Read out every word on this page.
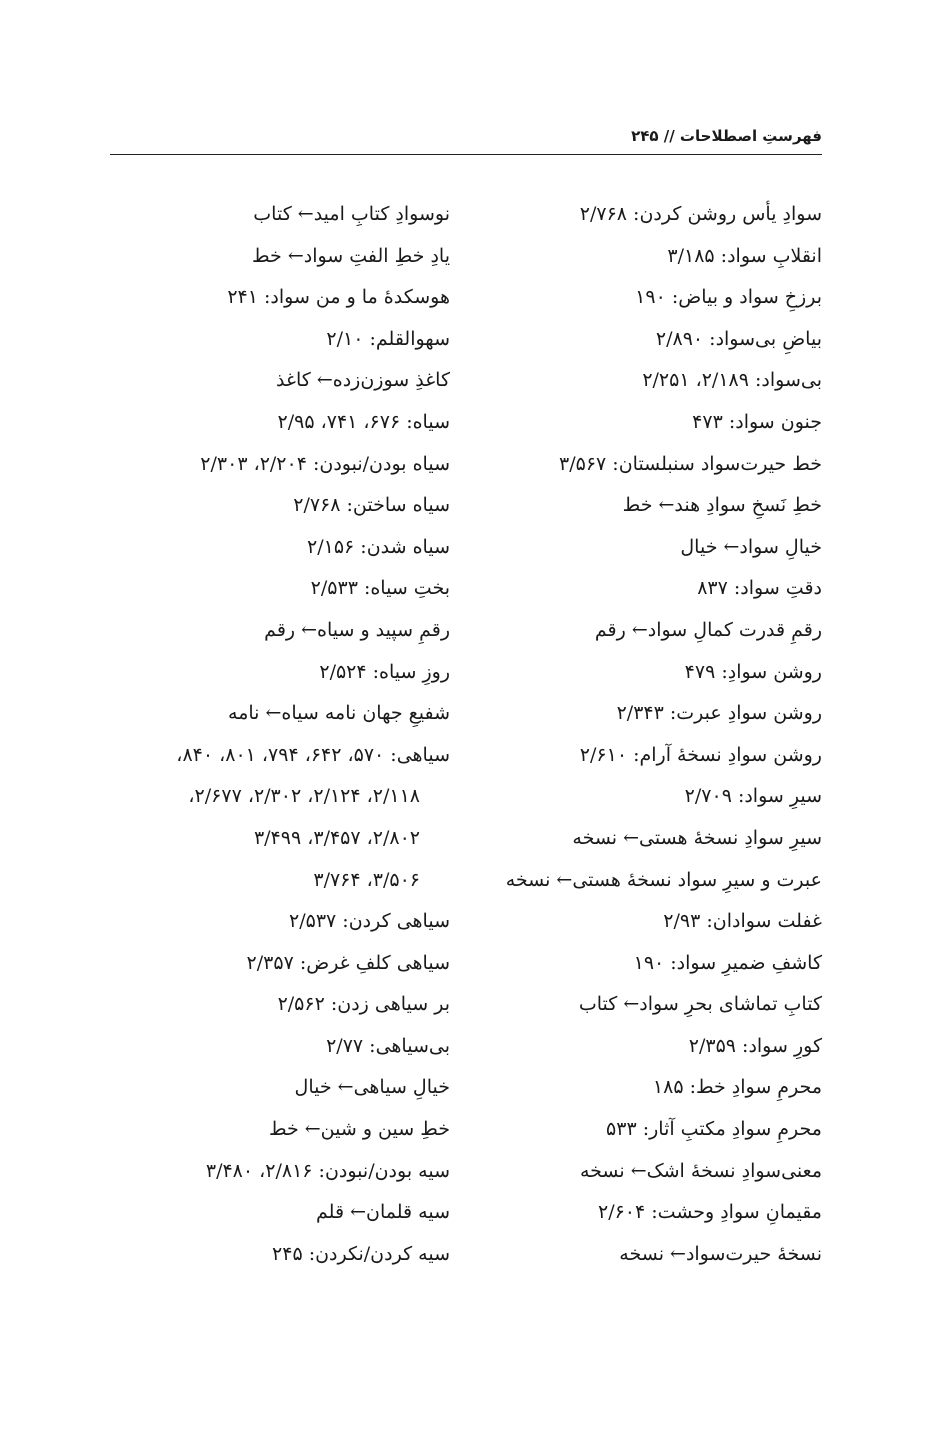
فهرستِ اصطلاحات // ۲۴۵
سوادِ یأس روشن کردن: ۲/۷۶۸
انقلابِ سواد: ۳/۱۸۵
برزخِ سواد و بیاض: ۱۹۰
بیاضِ بی‌سواد: ۲/۸۹۰
بی‌سواد: ۲/۱۸۹، ۲/۲۵۱
جنون سواد: ۴۷۳
خط حیرت‌سواد سنبلستان: ۳/۵۶۷
خطِ نَسخِ سوادِ هند← خط
خیالِ سواد← خیال
دقتِ سواد: ۸۳۷
رقمِ قدرت کمالِ سواد← رقم
روشن سوادِ: ۴۷۹
روشن سوادِ عبرت: ۲/۳۴۳
روشن سوادِ نسخهٔ آرام: ۲/۶۱۰
سیرِ سواد: ۲/۷۰۹
سیرِ سوادِ نسخهٔ هستی← نسخه
عبرت و سیرِ سواد نسخهٔ هستی← نسخه
غفلت سوادان: ۲/۹۳
کاشفِ ضمیرِ سواد: ۱۹۰
کتابِ تماشای بحرِ سواد← کتاب
کورِ سواد: ۲/۳۵۹
محرمِ سوادِ خط: ۱۸۵
محرمِ سوادِ مکتبِ آثار: ۵۳۳
معنی‌سوادِ نسخهٔ اشک← نسخه
مقیمانِ سوادِ وحشت: ۲/۶۰۴
نسخهٔ حیرت‌سواد← نسخه
نوسوادِ کتابِ امید← کتاب
یادِ خطِ الفتِ سواد← خط
هوسکدهٔ ما و من سواد: ۲۴۱
سهوالقلم: ۲/۱۰
کاغذِ سوزن‌زده← کاغذ
سیاه: ۶۷۶، ۷۴۱، ۲/۹۵
سیاه بودن/نبودن: ۲/۲۰۴، ۲/۳۰۳
سیاه ساختن: ۲/۷۶۸
سیاه شدن: ۲/۱۵۶
بختِ سیاه: ۲/۵۳۳
رقمِ سپید و سیاه← رقم
روزِ سیاه: ۲/۵۲۴
شفیعِ جهان نامه سیاه← نامه
سیاهی: ۵۷۰، ۶۴۲، ۷۹۴، ۸۰۱، ۸۴۰،
۲/۱۱۸، ۲/۱۲۴، ۲/۳۰۲، ۲/۶۷۷،
۲/۸۰۲، ۳/۴۵۷، ۳/۴۹۹
۳/۵۰۶، ۳/۷۶۴
سیاهی کردن: ۲/۵۳۷
سیاهی کلفِ غرض: ۲/۳۵۷
بر سیاهی زدن: ۲/۵۶۲
بی‌سیاهی: ۲/۷۷
خیالِ سیاهی← خیال
خطِ سین و شین← خط
سیه بودن/نبودن: ۲/۸۱۶، ۳/۴۸۰
سیه قلمان← قلم
سیه کردن/نکردن: ۲۴۵
